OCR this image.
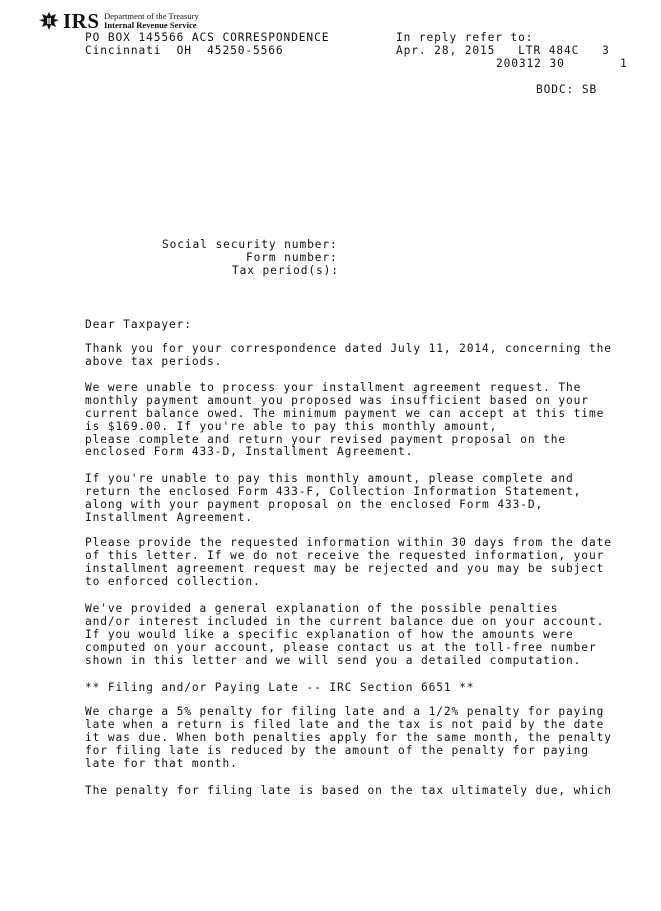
IRS Department of the Treasury
Internal Revenue Service
PO BOX 145566 ACS CORRESPONDENCE
Cincinnati  OH  45250-5566
In reply refer to:
Apr. 28, 2015   LTR 484C   3
200312 30	1
BODC: SB
Social security number:
Form number:
Tax period(s):
Dear Taxpayer:
Thank you for your correspondence dated July 11, 2014, concerning the
above tax periods.
We were unable to process your installment agreement request. The
monthly payment amount you proposed was insufficient based on your
current balance owed. The minimum payment we can accept at this time
is $169.00. If you're able to pay this monthly amount,
please complete and return your revised payment proposal on the
enclosed Form 433-D, Installment Agreement.
If you're unable to pay this monthly amount, please complete and
return the enclosed Form 433-F, Collection Information Statement,
along with your payment proposal on the enclosed Form 433-D,
Installment Agreement.
Please provide the requested information within 30 days from the date
of this letter. If we do not receive the requested information, your
installment agreement request may be rejected and you may be subject
to enforced collection.
We've provided a general explanation of the possible penalties
and/or interest included in the current balance due on your account.
If you would like a specific explanation of how the amounts were
computed on your account, please contact us at the toll-free number
shown in this letter and we will send you a detailed computation.
** Filing and/or Paying Late -- IRC Section 6651 **
We charge a 5% penalty for filing late and a 1/2% penalty for paying
late when a return is filed late and the tax is not paid by the date
it was due. When both penalties apply for the same month, the penalty
for filing late is reduced by the amount of the penalty for paying
late for that month.
The penalty for filing late is based on the tax ultimately due, which
